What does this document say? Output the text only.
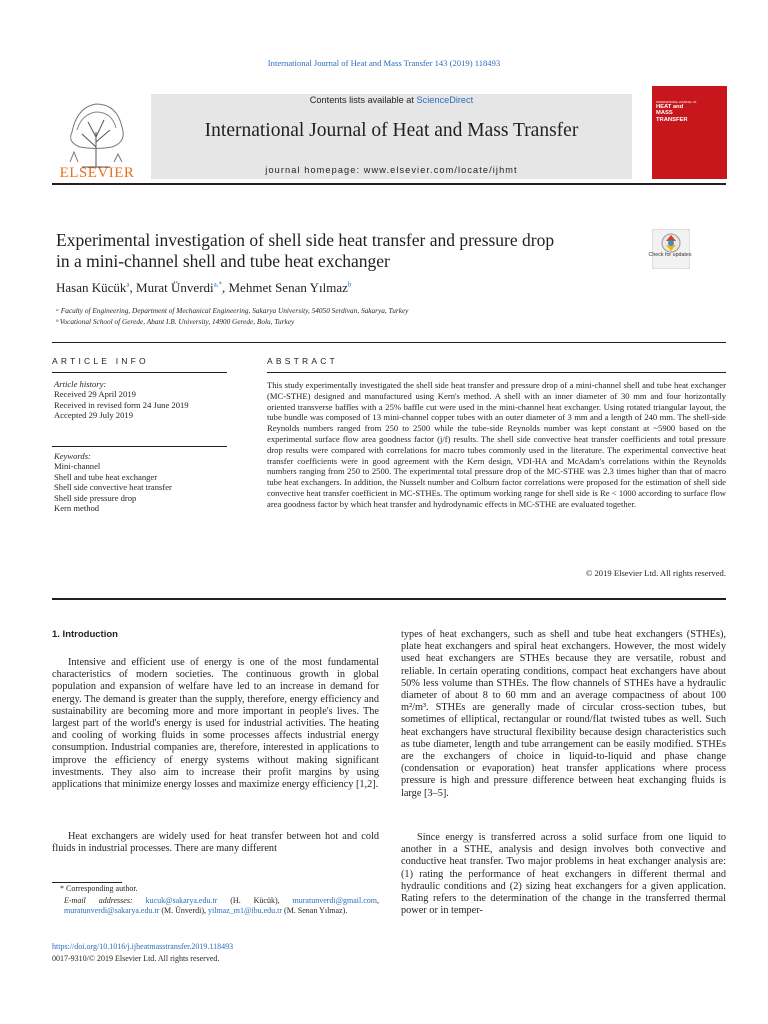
International Journal of Heat and Mass Transfer 143 (2019) 118493
ELSEVIER
Contents lists available at ScienceDirect
International Journal of Heat and Mass Transfer
journal homepage: www.elsevier.com/locate/ijhmt
INTERNATIONAL JOURNAL OF
HEAT and
MASS
TRANSFER
Experimental investigation of shell side heat transfer and pressure drop
in a mini-channel shell and tube heat exchanger	Check for updates
Hasan Kücük$^a$, Murat Ünverdi$^{a,*}$, Mehmet Senan Yılmaz$^b$
ᵃ Faculty of Engineering, Department of Mechanical Engineering, Sakarya University, 54050 Serdivan, Sakarya, Turkey
ᵇ Vocational School of Gerede, Abant I.B. University, 14900 Gerede, Bolu, Turkey
ARTICLE INFO
Article history:
Received 29 April 2019
Received in revised form 24 June 2019
Accepted 29 July 2019
Keywords:
Mini-channel
Shell and tube heat exchanger
Shell side convective heat transfer
Shell side pressure drop
Kern method
ABSTRACT
This study experimentally investigated the shell side heat transfer and pressure drop of a mini-channel shell and tube heat exchanger (MC-STHE) designed and manufactured using Kern's method. A shell with an inner diameter of 30 mm and four horizontally oriented transverse baffles with a 25% baffle cut were used in the mini-channel heat exchanger. Using rotated triangular layout, the tube bundle was composed of 13 mini-channel copper tubes with an outer diameter of 3 mm and a length of 240 mm. The shell-side Reynolds numbers ranged from 250 to 2500 while the tube-side Reynolds number was kept constant at ~5900 based on the experimental surface flow area goodness factor (j/f) results. The shell side convective heat transfer coefficients and total pressure drop results were compared with correlations for macro tubes commonly used in the literature. The experimental convective heat transfer coefficients were in good agreement with the Kern design, VDI-HA and McAdam's correlations within the Reynolds numbers ranging from 250 to 2500. The experimental total pressure drop of the MC-STHE was 2.3 times higher than that of macro tube heat exchangers. In addition, the Nusselt number and Colburn factor correlations were proposed for the estimation of shell side convective heat transfer coefficient in MC-STHEs. The optimum working range for shell side is Re < 1000 according to surface flow area goodness factor by which heat transfer and hydrodynamic effects in MC-STHE are evaluated together.
© 2019 Elsevier Ltd. All rights reserved.
1. Introduction
Intensive and efficient use of energy is one of the most fundamental characteristics of modern societies. The continuous growth in global population and expansion of welfare have led to an increase in demand for energy. The demand is greater than the supply, therefore, energy efficiency and sustainability are becoming more and more important in people's lives. The largest part of the world's energy is used for industrial activities. The heating and cooling of working fluids in some processes affects industrial energy consumption. Industrial companies are, therefore, interested in applications to improve the efficiency of energy systems without making significant investments. They also aim to increase their profit margins by using applications that minimize energy losses and maximize energy efficiency [1,2].
Heat exchangers are widely used for heat transfer between hot and cold fluids in industrial processes. There are many different
types of heat exchangers, such as shell and tube heat exchangers (STHEs), plate heat exchangers and spiral heat exchangers. However, the most widely used heat exchangers are STHEs because they are versatile, robust and reliable. In certain operating conditions, compact heat exchangers have about 50% less volume than STHEs. The flow channels of STHEs have a hydraulic diameter of about 8 to 60 mm and an average compactness of about 100 m²/m³. STHEs are generally made of circular cross-section tubes, but sometimes of elliptical, rectangular or round/flat twisted tubes as well. Such heat exchangers have structural flexibility because design characteristics such as tube diameter, length and tube arrangement can be easily modified. STHEs are the exchangers of choice in liquid-to-liquid and phase change (condensation or evaporation) heat transfer applications where process pressure is high and pressure difference between heat exchanging fluids is large [3–5].
Since energy is transferred across a solid surface from one liquid to another in a STHE, analysis and design involves both convective and conductive heat transfer. Two major problems in heat exchanger analysis are: (1) rating the performance of heat exchangers in different thermal and hydraulic conditions and (2) sizing heat exchangers for a given application. Rating refers to the determination of the change in the transferred thermal power or in temper-
* Corresponding author.
E-mail addresses: kucuk@sakarya.edu.tr (H. Kücük), muratunverdi@gmail.com, muratunverdi@sakarya.edu.tr (M. Ünverdi), yilmaz_m1@ibu.edu.tr (M. Senan Yılmaz).
https://doi.org/10.1016/j.ijheatmasstransfer.2019.118493
0017-9310/© 2019 Elsevier Ltd. All rights reserved.
